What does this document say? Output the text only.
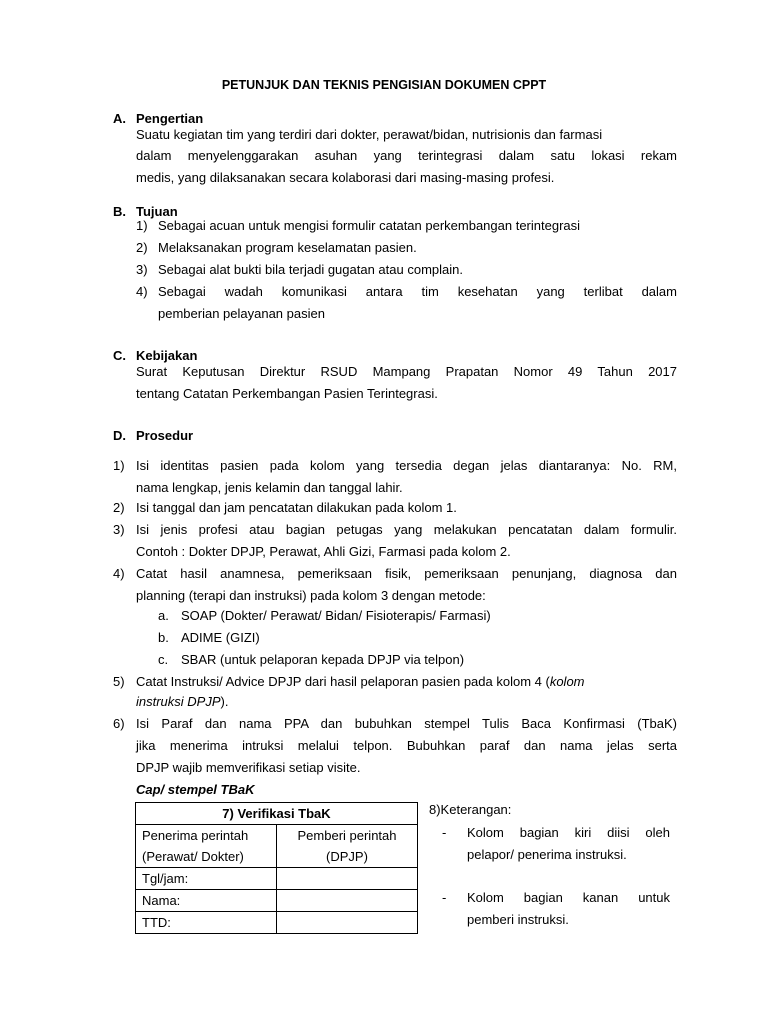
PETUNJUK DAN TEKNIS PENGISIAN DOKUMEN CPPT
A. Pengertian
Suatu kegiatan tim yang terdiri dari dokter, perawat/bidan, nutrisionis dan farmasi
dalam menyelenggarakan asuhan yang terintegrasi dalam satu lokasi rekam
medis, yang dilaksanakan secara kolaborasi dari masing-masing profesi.
B. Tujuan
1) Sebagai acuan untuk mengisi formulir catatan perkembangan terintegrasi
2) Melaksanakan program keselamatan pasien.
3) Sebagai alat bukti bila terjadi gugatan atau complain.
4) Sebagai wadah komunikasi antara tim kesehatan yang terlibat dalam
pemberian pelayanan pasien
C. Kebijakan
Surat Keputusan Direktur RSUD Mampang Prapatan Nomor 49 Tahun 2017
tentang Catatan Perkembangan Pasien Terintegrasi.
D. Prosedur
1) Isi identitas pasien pada kolom yang tersedia degan jelas diantaranya: No. RM,
nama lengkap, jenis kelamin dan tanggal lahir.
2) Isi tanggal dan jam pencatatan dilakukan pada kolom 1.
3) Isi jenis profesi atau bagian petugas yang melakukan pencatatan dalam formulir.
Contoh : Dokter DPJP, Perawat, Ahli Gizi, Farmasi pada kolom 2.
4) Catat hasil anamnesa, pemeriksaan fisik, pemeriksaan penunjang, diagnosa dan
planning (terapi dan instruksi) pada kolom 3 dengan metode:
a. SOAP (Dokter/ Perawat/ Bidan/ Fisioterapis/ Farmasi)
b. ADIME (GIZI)
c. SBAR (untuk pelaporan kepada DPJP via telpon)
5) Catat Instruksi/ Advice DPJP dari hasil pelaporan pasien pada kolom 4 (kolom
instruksi DPJP).
6) Isi Paraf dan nama PPA dan bubuhkan stempel Tulis Baca Konfirmasi (TbaK)
jika menerima intruksi melalui telpon. Bubuhkan paraf dan nama jelas serta
DPJP wajib memverifikasi setiap visite.
Cap/ stempel TBaK
7) Verifikasi TbaK	
Penerima perintah	Pemberi perintah
(Perawat/ Dokter)	(DPJP)
Tgl/jam:	
Nama:	
TTD:	
8)Keterangan:
- Kolom bagian kiri diisi oleh
pelapor/ penerima instruksi.
- Kolom bagian kanan untuk
pemberi instruksi.
